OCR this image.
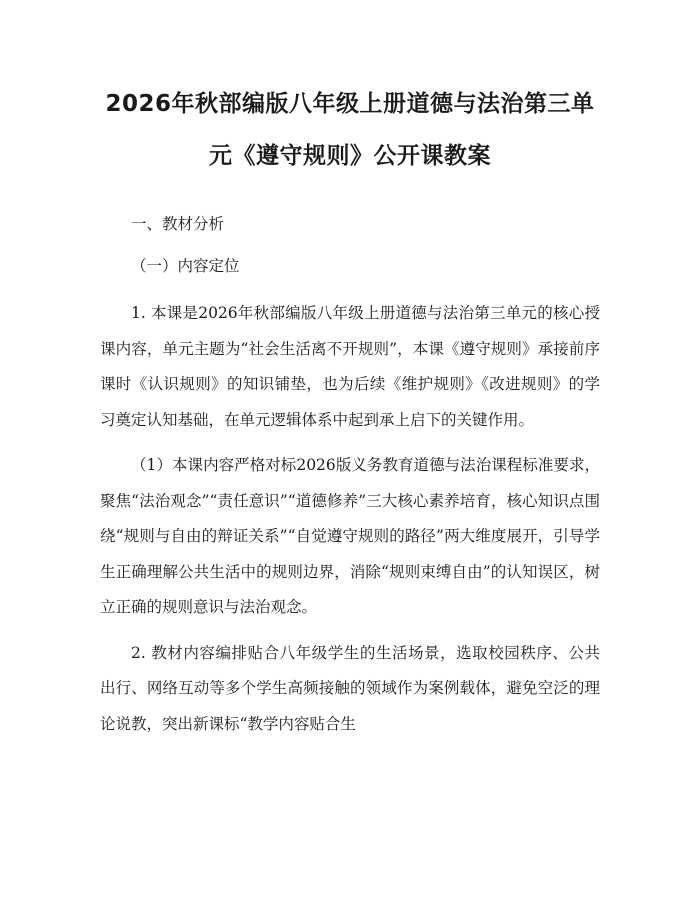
2026年秋部编版八年级上册道德与法治第三单元《遵守规则》公开课教案

一、教材分析

（一）内容定位

1. 本课是2026年秋部编版八年级上册道德与法治第三单元的核心授课内容，单元主题为“社会生活离不开规则”，本课《遵守规则》承接前序课时《认识规则》的知识铺垫，也为后续《维护规则》《改进规则》的学习奠定认知基础，在单元逻辑体系中起到承上启下的关键作用。

（1）本课内容严格对标2026版义务教育道德与法治课程标准要求，聚焦“法治观念”“责任意识”“道德修养”三大核心素养培育，核心知识点围绕“规则与自由的辩证关系”“自觉遵守规则的路径”两大维度展开，引导学生正确理解公共生活中的规则边界，消除“规则束缚自由”的认知误区，树立正确的规则意识与法治观念。

2. 教材内容编排贴合八年级学生的生活场景，选取校园秩序、公共出行、网络互动等多个学生高频接触的领域作为案例载体，避免空泛的理论说教，突出新课标“教学内容贴合生
